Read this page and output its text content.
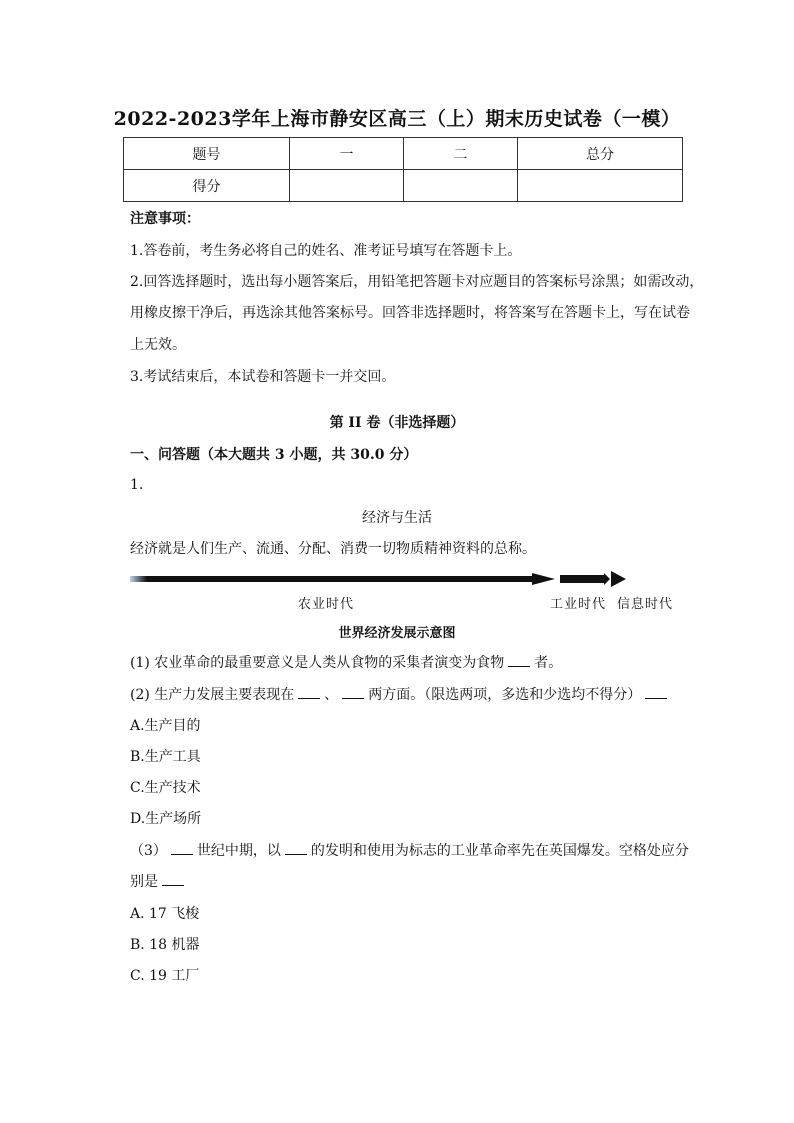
2022-2023学年上海市静安区高三（上）期末历史试卷（一模）
题号	一	二	总分
得分			
注意事项：
1.答卷前，考生务必将自己的姓名、准考证号填写在答题卡上。
2.回答选择题时，选出每小题答案后，用铅笔把答题卡对应题目的答案标号涂黑；如需改动，
用橡皮擦干净后，再选涂其他答案标号。回答非选择题时，将答案写在答题卡上，写在试卷
上无效。
3.考试结束后，本试卷和答题卡一并交回。
第 II 卷（非选择题）
一、问答题（本大题共 3 小题，共 30.0 分）
1.
经济与生活
经济就是人们生产、流通、分配、消费一切物质精神资料的总称。
农业时代	工业时代 信息时代
世界经济发展示意图
(1) 农业革命的最重要意义是人类从食物的采集者演变为食物 者。
(2) 生产力发展主要表现在 、 两方面。（限选两项，多选和少选均不得分）
A.生产目的
B.生产工具
C.生产技术
D.生产场所
（3） 世纪中期，以 的发明和使用为标志的工业革命率先在英国爆发。空格处应分
别是
A. 17 飞梭
B. 18 机器
C. 19 工厂
